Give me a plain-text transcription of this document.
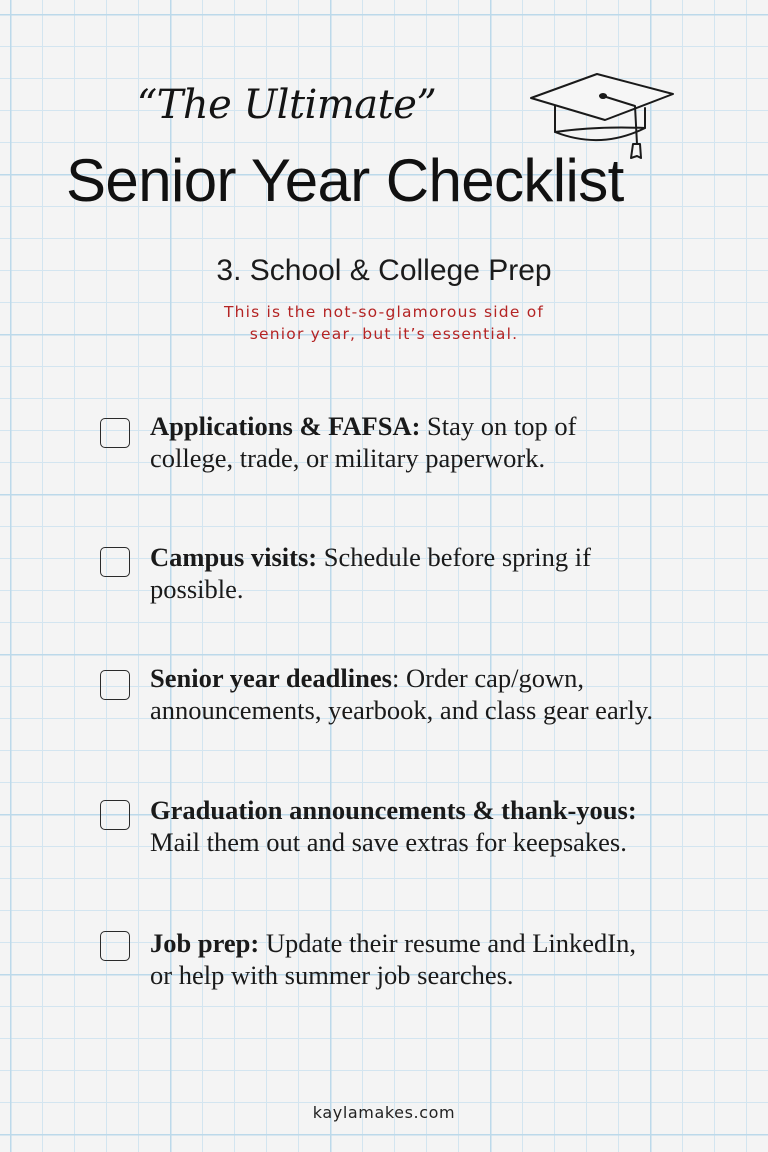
“The Ultimate”
Senior Year Checklist
3. School & College Prep
This is the not-so-glamorous side of
senior year, but it’s essential.
Applications & FAFSA: Stay on top of college, trade, or military paperwork.
Campus visits: Schedule before spring if possible.
Senior year deadlines: Order cap/gown, announcements, yearbook, and class gear early.
Graduation announcements & thank-yous: Mail them out and save extras for keepsakes.
Job prep: Update their resume and LinkedIn, or help with summer job searches.
kaylamakes.com
